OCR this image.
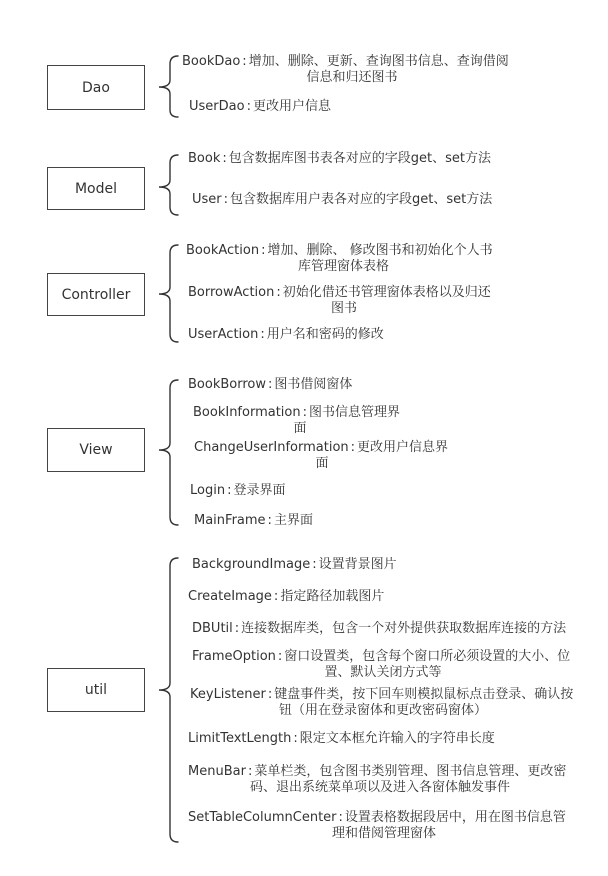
Dao
Model
Controller
View
util
BookDao : 增加、删除、更新、查询图书信息、查询借阅
信息和归还图书
UserDao : 更改用户信息
Book : 包含数据库图书表各对应的字段get、set方法
User : 包含数据库用户表各对应的字段get、set方法
BookAction : 增加、删除、 修改图书和初始化个人书
库管理窗体表格
BorrowAction : 初始化借还书管理窗体表格以及归还
图书
UserAction : 用户名和密码的修改
BookBorrow : 图书借阅窗体
BookInformation : 图书信息管理界
面
ChangeUserInformation : 更改用户信息界
面
Login : 登录界面
MainFrame : 主界面
BackgroundImage : 设置背景图片
CreateImage : 指定路径加载图片
DBUtil : 连接数据库类，包含一个对外提供获取数据库连接的方法
FrameOption : 窗口设置类，包含每个窗口所必须设置的大小、位
置、默认关闭方式等
KeyListener : 键盘事件类，按下回车则模拟鼠标点击登录、确认按
钮（用在登录窗体和更改密码窗体）
LimitTextLength : 限定文本框允许输入的字符串长度
MenuBar : 菜单栏类，包含图书类别管理、图书信息管理、更改密
码、退出系统菜单项以及进入各窗体触发事件
SetTableColumnCenter : 设置表格数据段居中，用在图书信息管
理和借阅管理窗体
